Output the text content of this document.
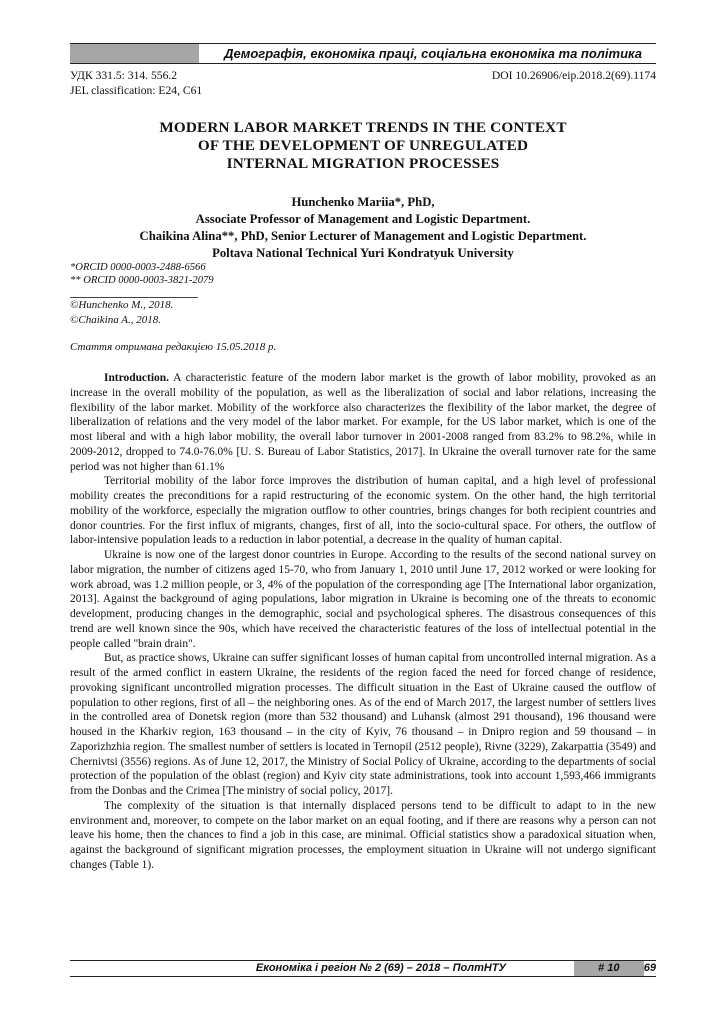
Демографія, економіка праці, соціальна економіка та політика
УДК 331.5: 314. 556.2	DOI 10.26906/eip.2018.2(69).1174
JEL classification: E24, C61
MODERN LABOR MARKET TRENDS IN THE CONTEXT
OF THE DEVELOPMENT OF UNREGULATED
INTERNAL MIGRATION PROCESSES
Hunchenko Mariia*, PhD,
Associate Professor of Management and Logistic Department.
Chaikina Alina**, PhD, Senior Lecturer of Management and Logistic Department.
Poltava National Technical Yuri Kondratyuk University
*ORCID 0000-0003-2488-6566
** ORCID 0000-0003-3821-2079
©Hunchenko M., 2018.
©Chaikina A., 2018.
Стаття отримана редакцією 15.05.2018 р.

Introduction. A characteristic feature of the modern labor market is the growth of labor mobility, provoked as an increase in the overall mobility of the population, as well as the liberalization of social and labor relations, increasing the flexibility of the labor market. Mobility of the workforce also characterizes the flexibility of the labor market, the degree of liberalization of relations and the very model of the labor market. For example, for the US labor market, which is one of the most liberal and with a high labor mobility, the overall labor turnover in 2001-2008 ranged from 83.2% to 98.2%, while in 2009-2012, dropped to 74.0-76.0% [U. S. Bureau of Labor Statistics, 2017]. In Ukraine the overall turnover rate for the same period was not higher than 61.1%

Territorial mobility of the labor force improves the distribution of human capital, and a high level of professional mobility creates the preconditions for a rapid restructuring of the economic system. On the other hand, the high territorial mobility of the workforce, especially the migration outflow to other countries, brings changes for both recipient countries and donor countries. For the first influx of migrants, changes, first of all, into the socio-cultural space. For others, the outflow of labor-intensive population leads to a reduction in labor potential, a decrease in the quality of human capital.

Ukraine is now one of the largest donor countries in Europe. According to the results of the second national survey on labor migration, the number of citizens aged 15-70, who from January 1, 2010 until June 17, 2012 worked or were looking for work abroad, was 1.2 million people, or 3, 4% of the population of the corresponding age [The International labor organization, 2013]. Against the background of aging populations, labor migration in Ukraine is becoming one of the threats to economic development, producing changes in the demographic, social and psychological spheres. The disastrous consequences of this trend are well known since the 90s, which have received the characteristic features of the loss of intellectual potential in the people called "brain drain".

But, as practice shows, Ukraine can suffer significant losses of human capital from uncontrolled internal migration. As a result of the armed conflict in eastern Ukraine, the residents of the region faced the need for forced change of residence, provoking significant uncontrolled migration processes. The difficult situation in the East of Ukraine caused the outflow of population to other regions, first of all – the neighboring ones. As of the end of March 2017, the largest number of settlers lives in the controlled area of Donetsk region (more than 532 thousand) and Luhansk (almost 291 thousand), 196 thousand were housed in the Kharkiv region, 163 thousand – in the city of Kyiv, 76 thousand – in Dnipro region and 59 thousand – in Zaporizhzhia region. The smallest number of settlers is located in Ternopil (2512 people), Rivne (3229), Zakarpattia (3549) and Chernivtsi (3556) regions. As of June 12, 2017, the Ministry of Social Policy of Ukraine, according to the departments of social protection of the population of the oblast (region) and Kyiv city state administrations, took into account 1,593,466 immigrants from the Donbas and the Crimea [The ministry of social policy, 2017].

The complexity of the situation is that internally displaced persons tend to be difficult to adapt to in the new environment and, moreover, to compete on the labor market on an equal footing, and if there are reasons why a person can not leave his home, then the chances to find a job in this case, are minimal. Official statistics show a paradoxical situation when, against the background of significant migration processes, the employment situation in Ukraine will not undergo significant changes (Table 1).

Економіка і регіон № 2 (69) – 2018 – ПолтНТУ	# 10	69
